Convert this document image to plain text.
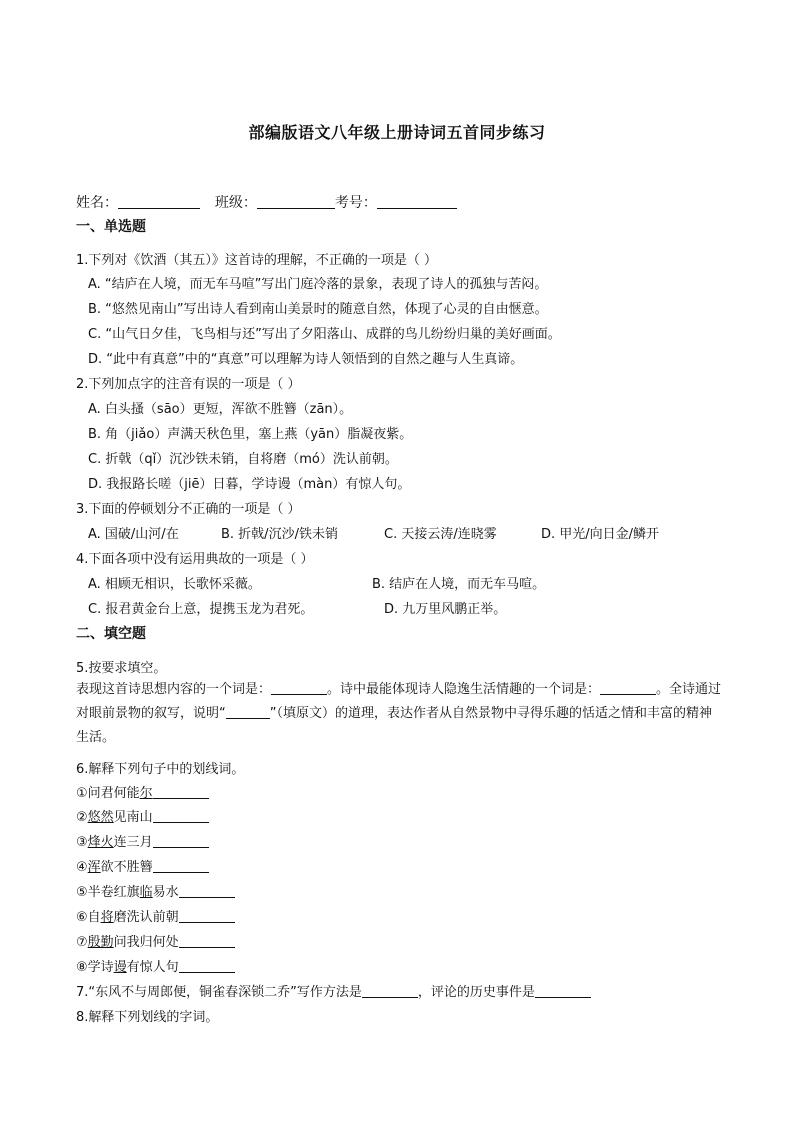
部编版语文八年级上册诗词五首同步练习
姓名：	班级：	考号：
一、单选题
1.下列对《饮酒（其五）》这首诗的理解，不正确的一项是（ ）
A. “结庐在人境，而无车马喧”写出门庭冷落的景象，表现了诗人的孤独与苦闷。
B. “悠然见南山”写出诗人看到南山美景时的随意自然，体现了心灵的自由惬意。
C. “山气日夕佳，飞鸟相与还”写出了夕阳落山、成群的鸟儿纷纷归巢的美好画面。
D. “此中有真意”中的“真意”可以理解为诗人领悟到的自然之趣与人生真谛。
2.下列加点字的注音有误的一项是（ ）
A. 白头搔（sāo）更短，浑欲不胜簪（zān）。
B. 角（jiǎo）声满天秋色里，塞上燕（yān）脂凝夜紫。
C. 折戟（qǐ）沉沙铁未销，自将磨（mó）洗认前朝。
D. 我报路长嗟（jiē）日暮，学诗谩（màn）有惊人句。
3.下面的停顿划分不正确的一项是（ ）
A. 国破/山河/在	B. 折戟/沉沙/铁未销	C. 天接云涛/连晓雾	D. 甲光/向日金/鳞开
4.下面各项中没有运用典故的一项是（ ）
A. 相顾无相识，长歌怀采薇。	B. 结庐在人境，而无车马喧。
C. 报君黄金台上意，提携玉龙为君死。	D. 九万里风鹏正举。
二、填空题
5.按要求填空。
表现这首诗思想内容的一个词是：	。诗中最能体现诗人隐逸生活情趣的一个词是：	。全诗通过对眼前景物的叙写，说明“	”（填原文）的道理，表达作者从自然景物中寻得乐趣的恬适之情和丰富的精神生活。
6.解释下列句子中的划线词。
①问君何能尔
②悠然见南山
③烽火连三月
④浑欲不胜簪
⑤半卷红旗临易水
⑥自将磨洗认前朝
⑦殷勤问我归何处
⑧学诗谩有惊人句
7.“东风不与周郎便，铜雀春深锁二乔”写作方法是	，评论的历史事件是
8.解释下列划线的字词。
